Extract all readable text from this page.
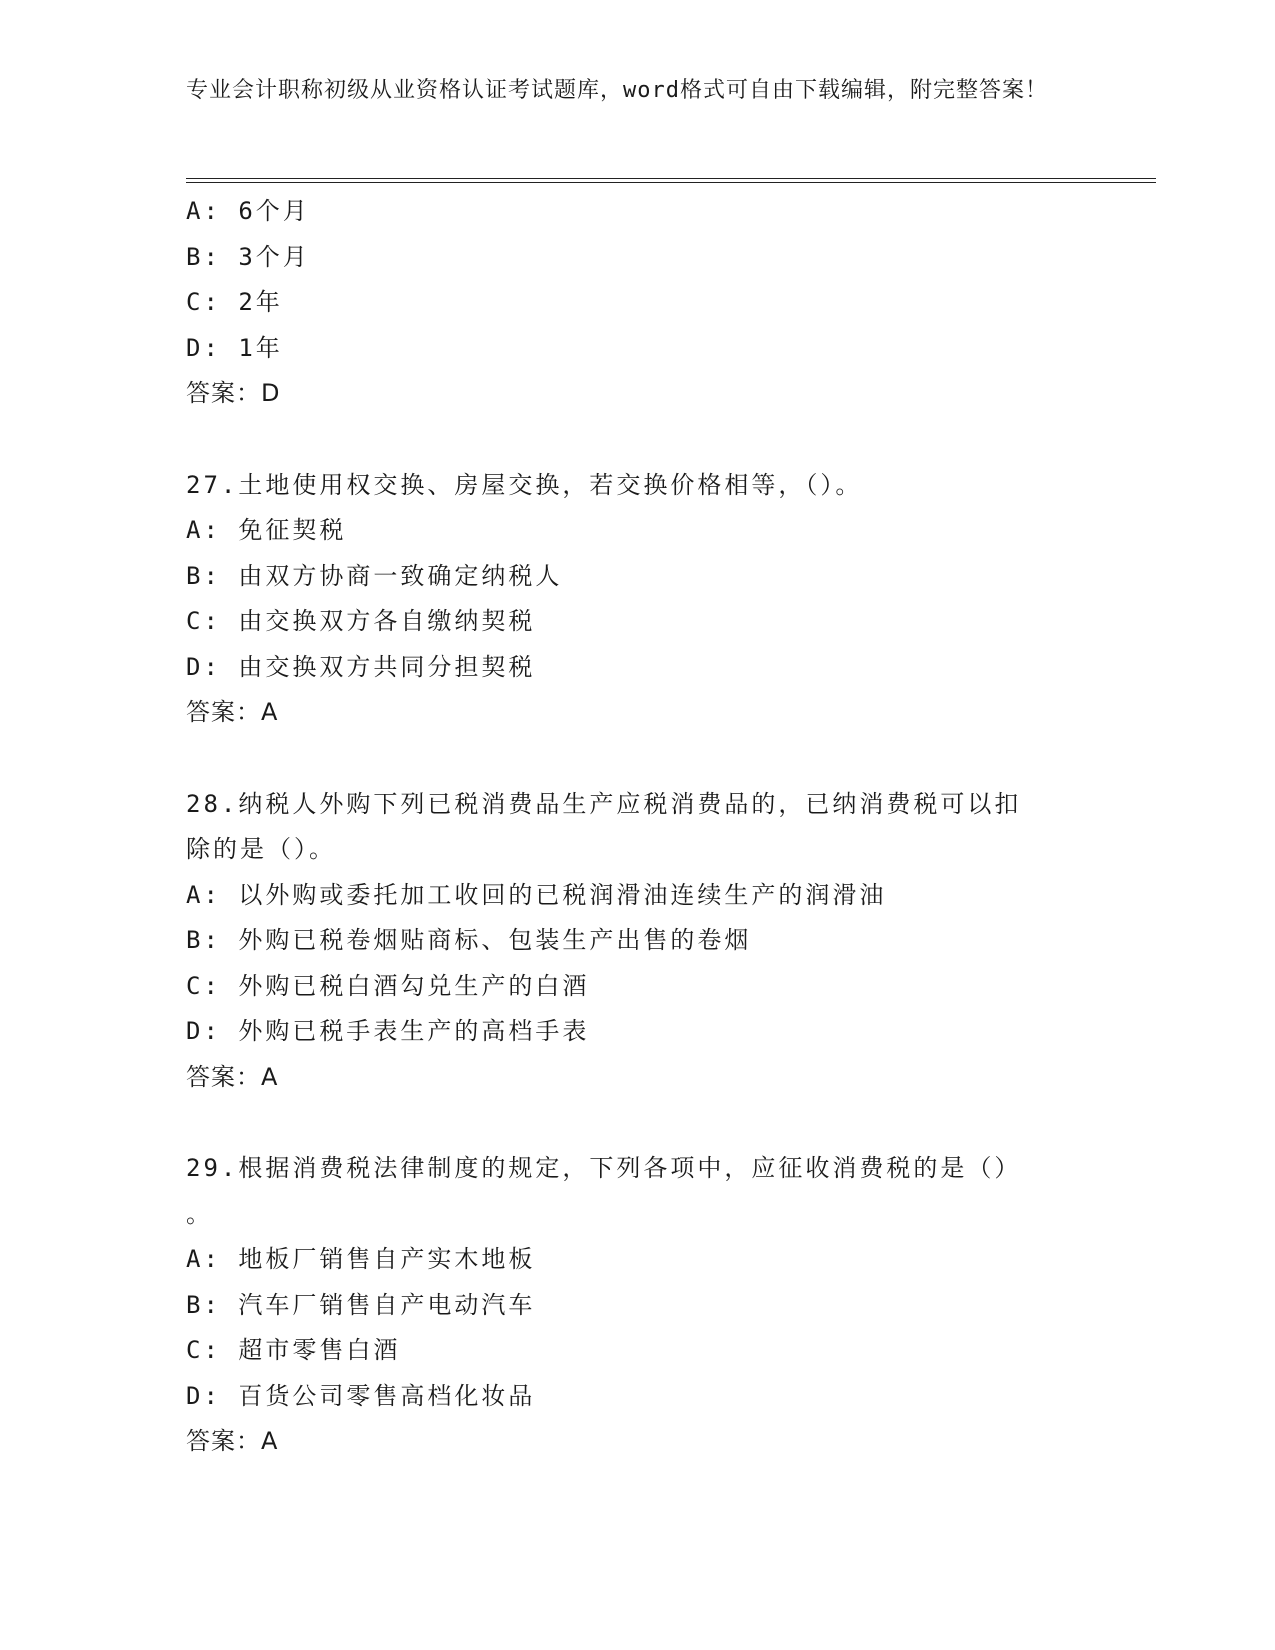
专业会计职称初级从业资格认证考试题库，word格式可自由下载编辑，附完整答案！
A: 6个月
B: 3个月
C: 2年
D: 1年
答案：D
27.土地使用权交换、房屋交换，若交换价格相等，（）。
A: 免征契税
B: 由双方协商一致确定纳税人
C: 由交换双方各自缴纳契税
D: 由交换双方共同分担契税
答案：A
28.纳税人外购下列已税消费品生产应税消费品的，已纳消费税可以扣
除的是（）。
A: 以外购或委托加工收回的已税润滑油连续生产的润滑油
B: 外购已税卷烟贴商标、包装生产出售的卷烟
C: 外购已税白酒勾兑生产的白酒
D: 外购已税手表生产的高档手表
答案：A
29.根据消费税法律制度的规定，下列各项中，应征收消费税的是（）
。
A: 地板厂销售自产实木地板
B: 汽车厂销售自产电动汽车
C: 超市零售白酒
D: 百货公司零售高档化妆品
答案：A
